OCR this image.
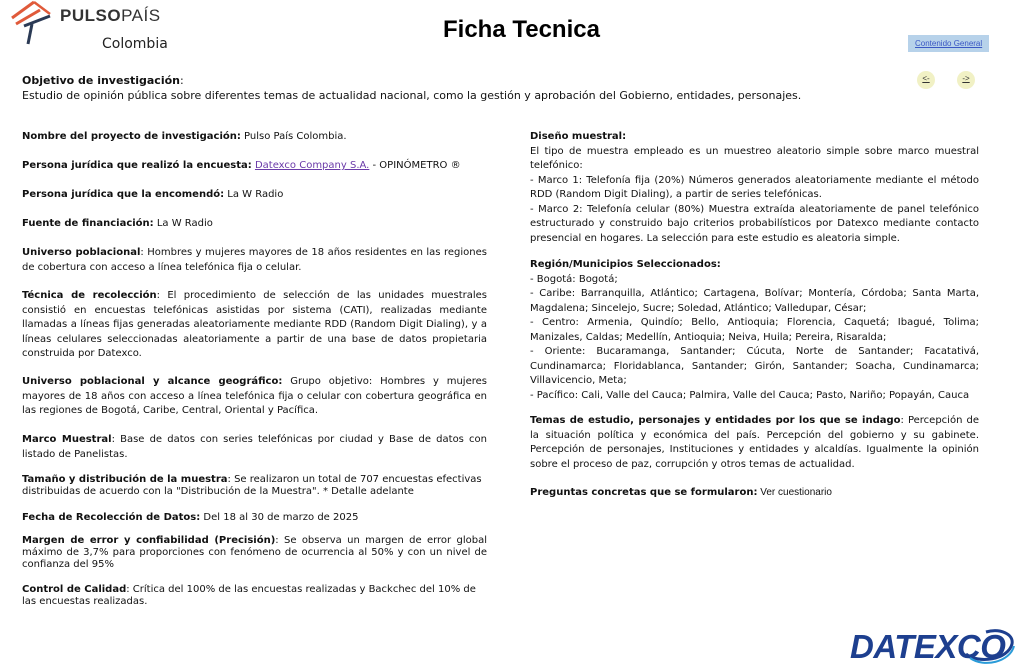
PULSOPAÍS
Colombia
Ficha Tecnica
Contenido General
<-	->
Objetivo de investigación:
Estudio de opinión pública sobre diferentes temas de actualidad nacional, como la gestión y aprobación del Gobierno, entidades, personajes.
Nombre del proyecto de investigación: Pulso País Colombia.
Persona jurídica que realizó la encuesta: Datexco Company S.A. - OPINÓMETRO ®
Persona jurídica que la encomendó: La W Radio
Fuente de financiación: La W Radio
Universo poblacional: Hombres y mujeres mayores de 18 años residentes en las regiones de cobertura con acceso a línea telefónica fija o celular.
Técnica de recolección: El procedimiento de selección de las unidades muestrales consistió en encuestas telefónicas asistidas por sistema (CATI), realizadas mediante llamadas a líneas fijas generadas aleatoriamente mediante RDD (Random Digit Dialing), y a líneas celulares seleccionadas aleatoriamente a partir de una base de datos propietaria construida por Datexco.
Universo poblacional y alcance geográfico: Grupo objetivo: Hombres y mujeres mayores de 18 años con acceso a línea telefónica fija o celular con cobertura geográfica en las regiones de Bogotá, Caribe, Central, Oriental y Pacífica.
Marco Muestral: Base de datos con series telefónicas por ciudad y Base de datos con listado de Panelistas.
Tamaño y distribución de la muestra: Se realizaron un total de 707 encuestas efectivas distribuidas de acuerdo con la "Distribución de la Muestra". * Detalle adelante
Fecha de Recolección de Datos: Del 18 al 30 de marzo de 2025
Margen de error y confiabilidad (Precisión): Se observa un margen de error global máximo de 3,7% para proporciones con fenómeno de ocurrencia al 50% y con un nivel de confianza del 95%
Control de Calidad: Crítica del 100% de las encuestas realizadas y Backchec del 10% de las encuestas realizadas.
Diseño muestral:
El tipo de muestra empleado es un muestreo aleatorio simple sobre marco muestral telefónico:
- Marco 1: Telefonía fija (20%) Números generados aleatoriamente mediante el método RDD (Random Digit Dialing), a partir de series telefónicas.
- Marco 2: Telefonía celular (80%) Muestra extraída aleatoriamente de panel telefónico estructurado y construido bajo criterios probabilísticos por Datexco mediante contacto presencial en hogares. La selección para este estudio es aleatoria simple.
Región/Municipios Seleccionados:
- Bogotá: Bogotá;
- Caribe: Barranquilla, Atlántico; Cartagena, Bolívar; Montería, Córdoba; Santa Marta, Magdalena; Sincelejo, Sucre; Soledad, Atlántico; Valledupar, César;
- Centro: Armenia, Quindío; Bello, Antioquia; Florencia, Caquetá; Ibagué, Tolima; Manizales, Caldas; Medellín, Antioquia; Neiva, Huila; Pereira, Risaralda;
- Oriente: Bucaramanga, Santander; Cúcuta, Norte de Santander; Facatativá, Cundinamarca; Floridablanca, Santander; Girón, Santander; Soacha, Cundinamarca; Villavicencio, Meta;
- Pacífico: Cali, Valle del Cauca; Palmira, Valle del Cauca; Pasto, Nariño; Popayán, Cauca
Temas de estudio, personajes y entidades por los que se indago: Percepción de la situación política y económica del país. Percepción del gobierno y su gabinete. Percepción de personajes, Instituciones y entidades y alcaldías. Igualmente la opinión sobre el proceso de paz, corrupción y otros temas de actualidad.
Preguntas concretas que se formularon: Ver cuestionario
DATEXCO
